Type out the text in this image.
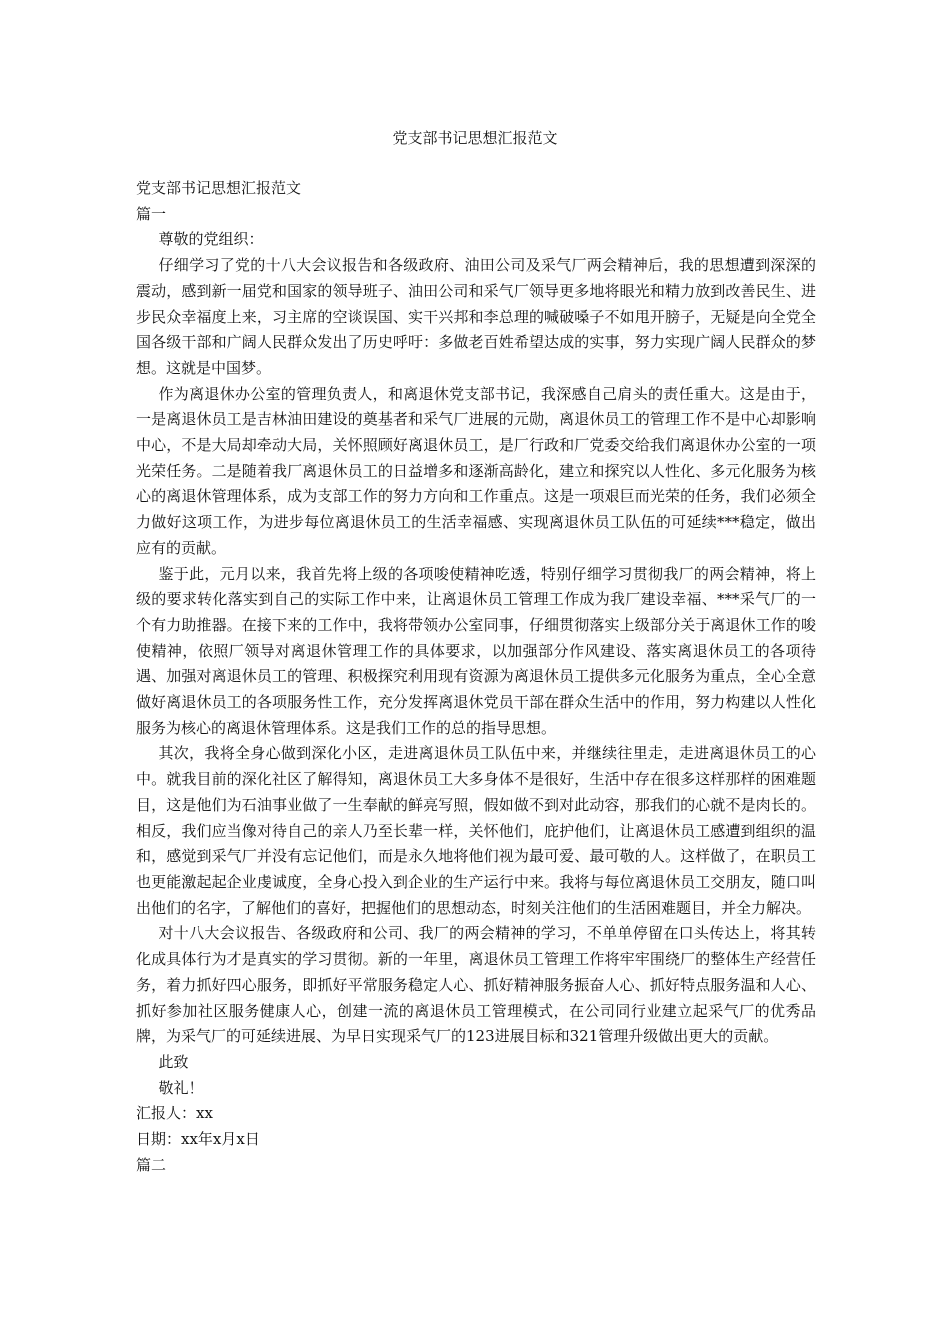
党支部书记思想汇报范文

党支部书记思想汇报范文

篇一

尊敬的党组织：

仔细学习了党的十八大会议报告和各级政府、油田公司及采气厂两会精神后，我的思想遭到深深的震动，感到新一届党和国家的领导班子、油田公司和采气厂领导更多地将眼光和精力放到改善民生、进步民众幸福度上来，习主席的空谈误国、实干兴邦和李总理的喊破嗓子不如甩开膀子，无疑是向全党全国各级干部和广阔人民群众发出了历史呼吁：多做老百姓希望达成的实事，努力实现广阔人民群众的梦想。这就是中国梦。

作为离退休办公室的管理负责人，和离退休党支部书记，我深感自己肩头的责任重大。这是由于，一是离退休员工是吉林油田建设的奠基者和采气厂进展的元勋，离退休员工的管理工作不是中心却影响中心，不是大局却牵动大局，关怀照顾好离退休员工，是厂行政和厂党委交给我们离退休办公室的一项光荣任务。二是随着我厂离退休员工的日益增多和逐渐高龄化，建立和探究以人性化、多元化服务为核心的离退休管理体系，成为支部工作的努力方向和工作重点。这是一项艰巨而光荣的任务，我们必须全力做好这项工作，为进步每位离退休员工的生活幸福感、实现离退休员工队伍的可延续***稳定，做出应有的贡献。

鉴于此，元月以来，我首先将上级的各项唆使精神吃透，特别仔细学习贯彻我厂的两会精神，将上级的要求转化落实到自己的实际工作中来，让离退休员工管理工作成为我厂建设幸福、***采气厂的一个有力助推器。在接下来的工作中，我将带领办公室同事，仔细贯彻落实上级部分关于离退休工作的唆使精神，依照厂领导对离退休管理工作的具体要求，以加强部分作风建设、落实离退休员工的各项待遇、加强对离退休员工的管理、积极探究利用现有资源为离退休员工提供多元化服务为重点，全心全意做好离退休员工的各项服务性工作，充分发挥离退休党员干部在群众生活中的作用，努力构建以人性化服务为核心的离退休管理体系。这是我们工作的总的指导思想。

其次，我将全身心做到深化小区，走进离退休员工队伍中来，并继续往里走，走进离退休员工的心中。就我目前的深化社区了解得知，离退休员工大多身体不是很好，生活中存在很多这样那样的困难题目，这是他们为石油事业做了一生奉献的鲜亮写照，假如做不到对此动容，那我们的心就不是肉长的。相反，我们应当像对待自己的亲人乃至长辈一样，关怀他们，庇护他们，让离退休员工感遭到组织的温和，感觉到采气厂并没有忘记他们，而是永久地将他们视为最可爱、最可敬的人。这样做了，在职员工也更能激起起企业虔诚度，全身心投入到企业的生产运行中来。我将与每位离退休员工交朋友，随口叫出他们的名字，了解他们的喜好，把握他们的思想动态，时刻关注他们的生活困难题目，并全力解决。

对十八大会议报告、各级政府和公司、我厂的两会精神的学习，不单单停留在口头传达上，将其转化成具体行为才是真实的学习贯彻。新的一年里，离退休员工管理工作将牢牢围绕厂的整体生产经营任务，着力抓好四心服务，即抓好平常服务稳定人心、抓好精神服务振奋人心、抓好特点服务温和人心、抓好参加社区服务健康人心，创建一流的离退休员工管理模式，在公司同行业建立起采气厂的优秀品牌，为采气厂的可延续进展、为早日实现采气厂的123进展目标和321管理升级做出更大的贡献。

此致

敬礼！

汇报人：xx

日期：xx年x月x日

篇二
